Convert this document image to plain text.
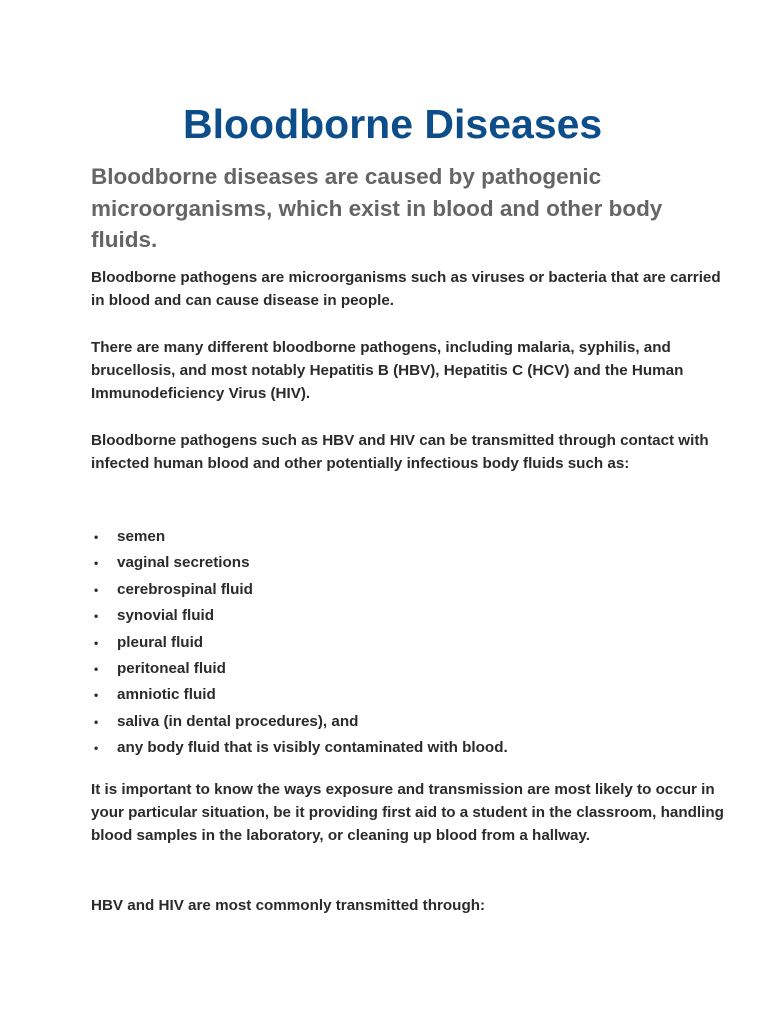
Bloodborne Diseases
Bloodborne diseases are caused by pathogenic microorganisms, which exist in blood and other body fluids.

Bloodborne pathogens are microorganisms such as viruses or bacteria that are carried in blood and can cause disease in people.

There are many different bloodborne pathogens, including malaria, syphilis, and brucellosis, and most notably Hepatitis B (HBV), Hepatitis C (HCV) and the Human Immunodeficiency Virus (HIV).

Bloodborne pathogens such as HBV and HIV can be transmitted through contact with infected human blood and other potentially infectious body fluids such as:

• semen
• vaginal secretions
• cerebrospinal fluid
• synovial fluid
• pleural fluid
• peritoneal fluid
• amniotic fluid
• saliva (in dental procedures), and
• any body fluid that is visibly contaminated with blood.

It is important to know the ways exposure and transmission are most likely to occur in your particular situation, be it providing first aid to a student in the classroom, handling blood samples in the laboratory, or cleaning up blood from a hallway.

HBV and HIV are most commonly transmitted through:
